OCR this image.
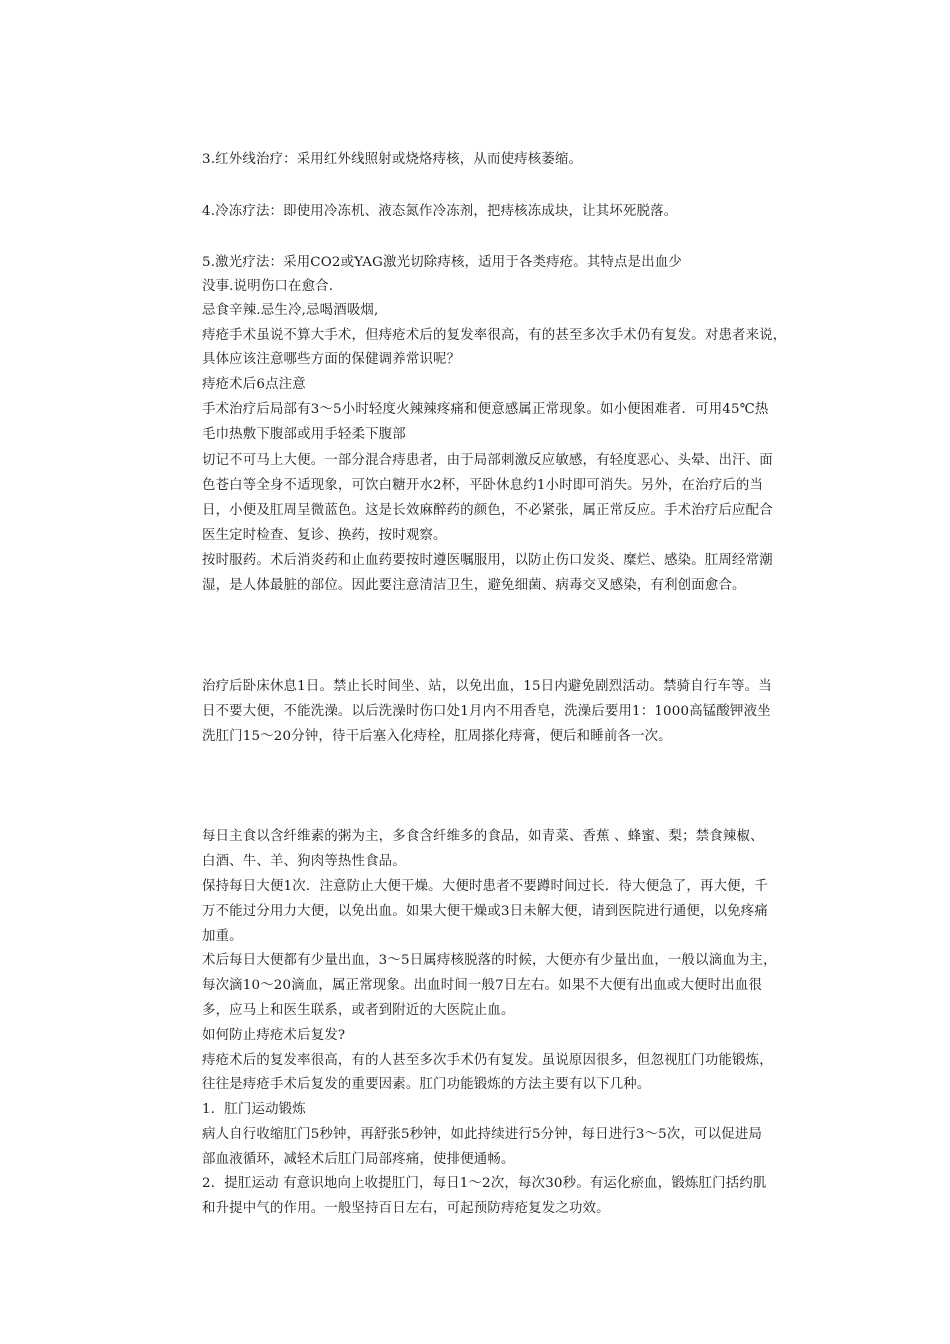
3.红外线治疗：采用红外线照射或烧烙痔核，从而使痔核萎缩。
4.冷冻疗法：即使用冷冻机、液态氮作冷冻剂，把痔核冻成块，让其坏死脱落。
5.激光疗法：采用CO2或YAG激光切除痔核，适用于各类痔疮。其特点是出血少
没事.说明伤口在愈合.
忌食辛辣.忌生冷,忌喝酒吸烟,
痔疮手术虽说不算大手术，但痔疮术后的复发率很高，有的甚至多次手术仍有复发。对患者来说，
具体应该注意哪些方面的保健调养常识呢？
痔疮术后6点注意
手术治疗后局部有3～5小时轻度火辣辣疼痛和便意感属正常现象。如小便困难者．可用45℃热
毛巾热敷下腹部或用手轻柔下腹部
切记不可马上大便。一部分混合痔患者，由于局部刺激反应敏感，有轻度恶心、头晕、出汗、面
色苍白等全身不适现象，可饮白糖开水2杯，平卧休息约1小时即可消失。另外，在治疗后的当
日，小便及肛周呈微蓝色。这是长效麻醉药的颜色，不必紧张，属正常反应。手术治疗后应配合
医生定时检查、复诊、换药，按时观察。
按时服药。术后消炎药和止血药要按时遵医嘱服用，以防止伤口发炎、糜烂、感染。肛周经常潮
湿，是人体最脏的部位。因此要注意清洁卫生，避免细菌、病毒交叉感染，有利创面愈合。
治疗后卧床休息1日。禁止长时间坐、站，以免出血，15日内避免剧烈活动。禁骑自行车等。当
日不要大便，不能洗澡。以后洗澡时伤口处1月内不用香皂，洗澡后要用1：1000高锰酸钾液坐
洗肛门15～20分钟，待干后塞入化痔栓，肛周搽化痔膏，便后和睡前各一次。
每日主食以含纤维素的粥为主，多食含纤维多的食品，如青菜、香蕉 、蜂蜜、梨；禁食辣椒、
白酒、牛、羊、狗肉等热性食品。
保持每日大便1次．注意防止大便干燥。大便时患者不要蹲时间过长．待大便急了，再大便，千
万不能过分用力大便，以免出血。如果大便干燥或3日未解大便，请到医院进行通便，以免疼痛
加重。
术后每日大便都有少量出血，3～5日属痔核脱落的时候，大便亦有少量出血，一般以滴血为主，
每次滴10～20滴血，属正常现象。出血时间一般7日左右。如果不大便有出血或大便时出血很
多，应马上和医生联系，或者到附近的大医院止血。
如何防止痔疮术后复发?
痔疮术后的复发率很高，有的人甚至多次手术仍有复发。虽说原因很多，但忽视肛门功能锻炼，
往往是痔疮手术后复发的重要因素。肛门功能锻炼的方法主要有以下几种。
1．肛门运动锻炼
病人自行收缩肛门5秒钟，再舒张5秒钟，如此持续进行5分钟，每日进行3～5次，可以促进局
部血液循环，减轻术后肛门局部疼痛，使排便通畅。
2．提肛运动 有意识地向上收提肛门，每日1～2次，每次30秒。有运化瘀血，锻炼肛门括约肌
和升提中气的作用。一般坚持百日左右，可起预防痔疮复发之功效。
